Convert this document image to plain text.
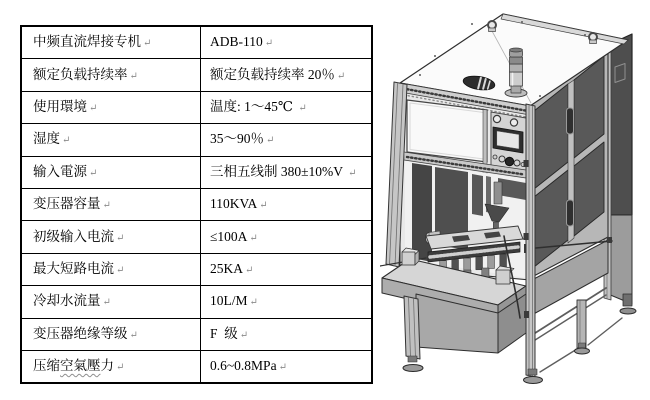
中频直流焊接专机 ↵	ADB-110 ↵
额定负载持续率 ↵	额定负载持续率 20％ ↵
使用環境 ↵	温度: 1～45℃ ↵
湿度 ↵	35～90％ ↵
输入電源 ↵	三相五线制 380±10%V ↵
变压器容量 ↵	110KVA ↵
初级输入电流 ↵	≤100A ↵
最大短路电流 ↵	25KA ↵
冷却水流量 ↵	10L/M ↵
变压器绝缘等级 ↵	F  级 ↵
压缩空氣壓力 ↵	0.6~0.8MPa ↵
